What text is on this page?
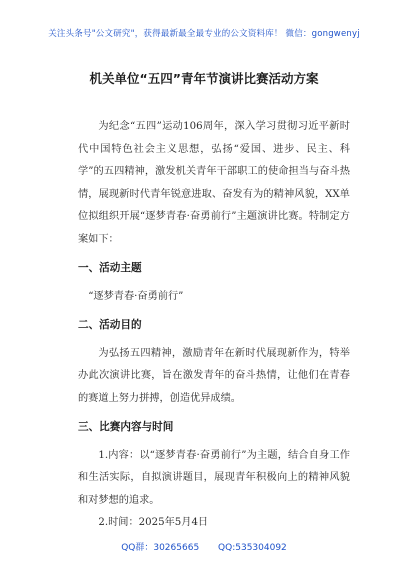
关注头条号"公文研究"，获得最新最全最专业的公文资料库！ 微信：gongwenyj
机关单位“五四”青年节演讲比赛活动方案

为纪念“五四”运动106周年，深入学习贯彻习近平新时代中国特色社会主义思想，弘扬“爱国、进步、民主、科学”的五四精神，激发机关青年干部职工的使命担当与奋斗热情，展现新时代青年锐意进取、奋发有为的精神风貌，XX单位拟组织开展“逐梦青春·奋勇前行”主题演讲比赛。特制定方案如下：

一、活动主题

“逐梦青春·奋勇前行”

二、活动目的

为弘扬五四精神，激励青年在新时代展现新作为，特举办此次演讲比赛，旨在激发青年的奋斗热情，让他们在青春的赛道上努力拼搏，创造优异成绩。

三、比赛内容与时间

1.内容：以“逐梦青春·奋勇前行”为主题，结合自身工作和生活实际，自拟演讲题目，展现青年积极向上的精神风貌和对梦想的追求。

2.时间：2025年5月4日

QQ群：30265665 QQ:535304092
